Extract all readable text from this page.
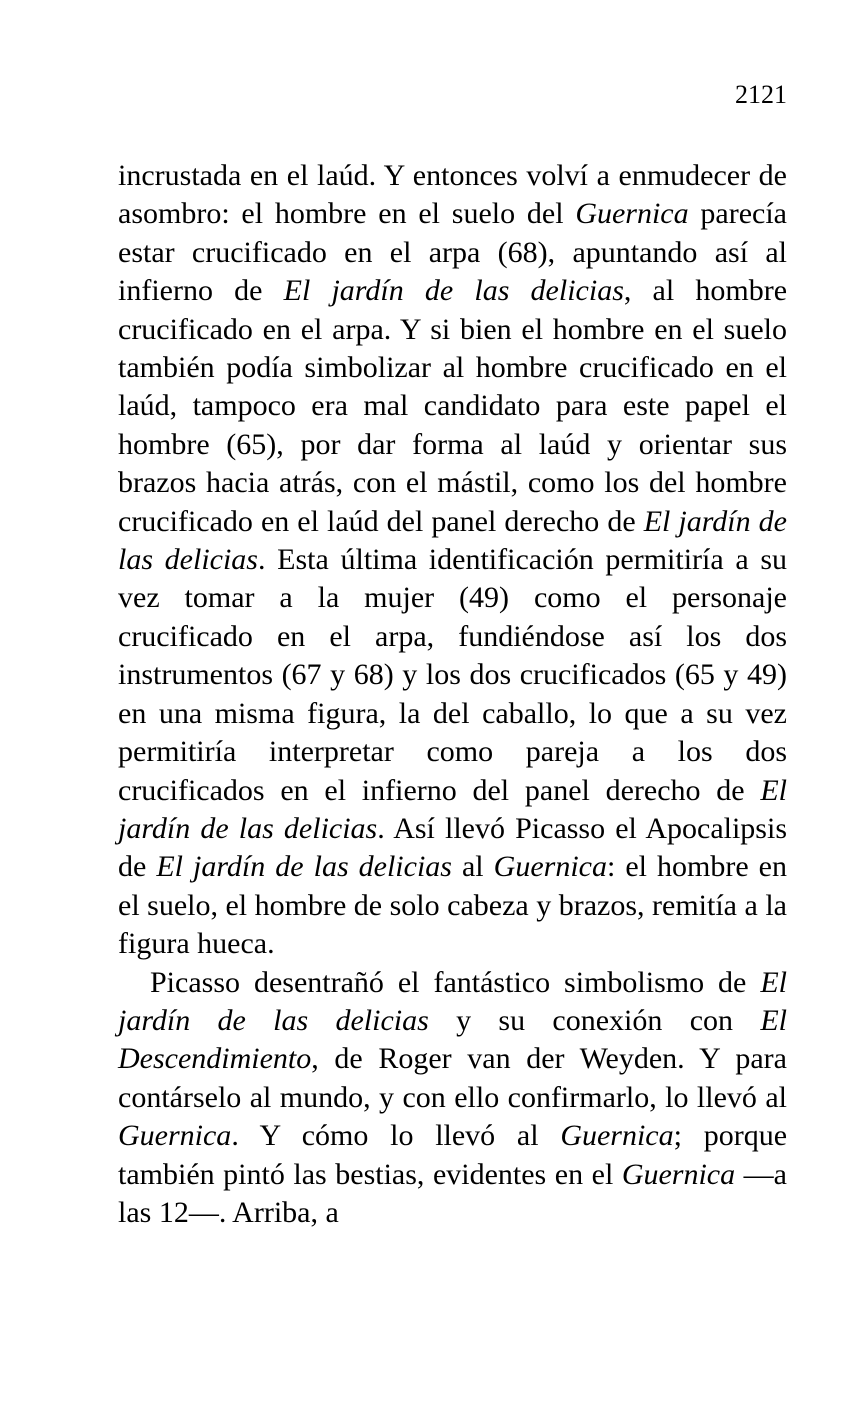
2121

incrustada en el laúd. Y entonces volví a enmudecer de asombro: el hombre en el suelo del Guernica parecía estar crucificado en el arpa (68), apuntando así al infierno de El jardín de las delicias, al hombre crucificado en el arpa. Y si bien el hombre en el suelo también podía simbolizar al hombre crucificado en el laúd, tampoco era mal candidato para este papel el hombre (65), por dar forma al laúd y orientar sus brazos hacia atrás, con el mástil, como los del hombre crucificado en el laúd del panel derecho de El jardín de las delicias. Esta última identificación permitiría a su vez tomar a la mujer (49) como el personaje crucificado en el arpa, fundiéndose así los dos instrumentos (67 y 68) y los dos crucificados (65 y 49) en una misma figura, la del caballo, lo que a su vez permitiría interpretar como pareja a los dos crucificados en el infierno del panel derecho de El jardín de las delicias. Así llevó Picasso el Apocalipsis de El jardín de las delicias al Guernica: el hombre en el suelo, el hombre de solo cabeza y brazos, remitía a la figura hueca.

Picasso desentrañó el fantástico simbolismo de El jardín de las delicias y su conexión con El Descendimiento, de Roger van der Weyden. Y para contárselo al mundo, y con ello confirmarlo, lo llevó al Guernica. Y cómo lo llevó al Guernica; porque también pintó las bestias, evidentes en el Guernica —a las 12—. Arriba, a
